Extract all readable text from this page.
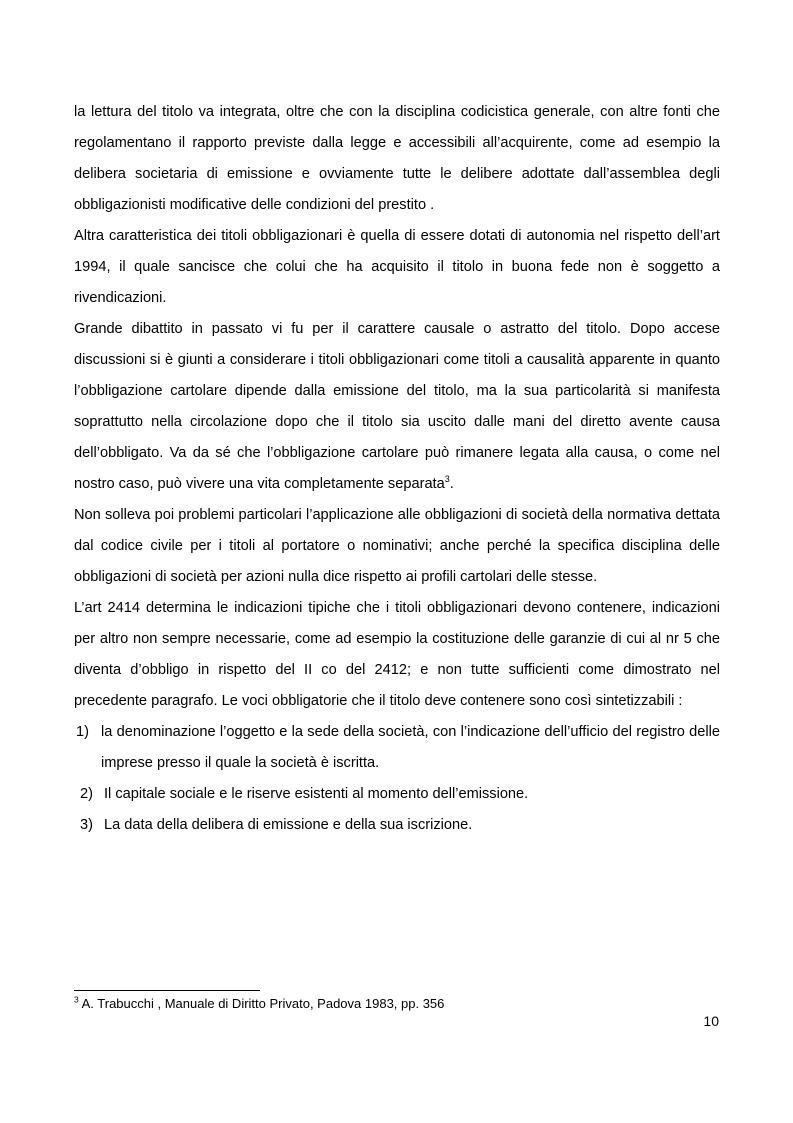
la lettura del titolo va integrata, oltre che con la disciplina codicistica generale, con altre fonti che regolamentano il rapporto previste dalla legge e accessibili all’acquirente, come ad esempio la delibera societaria di emissione e ovviamente tutte le delibere adottate dall’assemblea degli obbligazionisti modificative delle condizioni del prestito .

Altra caratteristica dei titoli obbligazionari è quella di essere dotati di autonomia nel rispetto dell’art 1994, il quale sancisce che colui che ha acquisito il titolo in buona fede non è soggetto a rivendicazioni.

Grande dibattito in passato vi fu per il carattere causale o astratto del titolo. Dopo accese discussioni si è giunti a considerare i titoli obbligazionari come titoli a causalità apparente in quanto l’obbligazione cartolare dipende dalla emissione del titolo, ma la sua particolarità si manifesta soprattutto nella circolazione dopo che il titolo sia uscito dalle mani del diretto avente causa dell’obbligato. Va da sé che l’obbligazione cartolare può rimanere legata alla causa, o come nel nostro caso, può vivere una vita completamente separata$^3$.

Non solleva poi problemi particolari l’applicazione alle obbligazioni di società della normativa dettata dal codice civile per i titoli al portatore o nominativi; anche perché la specifica disciplina delle obbligazioni di società per azioni nulla dice rispetto ai profili cartolari delle stesse.

L’art 2414 determina le indicazioni tipiche che i titoli obbligazionari devono contenere, indicazioni per altro non sempre necessarie, come ad esempio la costituzione delle garanzie di cui al nr 5 che diventa d’obbligo in rispetto del II co del 2412; e non tutte sufficienti come dimostrato nel precedente paragrafo. Le voci obbligatorie che il titolo deve contenere sono così sintetizzabili :

1) la denominazione l’oggetto e la sede della società, con l’indicazione dell’ufficio del registro delle imprese presso il quale la società è iscritta.
2) Il capitale sociale e le riserve esistenti al momento dell’emissione.
3) La data della delibera di emissione e della sua iscrizione.
$^3$ A. Trabucchi , Manuale di Diritto Privato, Padova 1983, pp. 356
10
